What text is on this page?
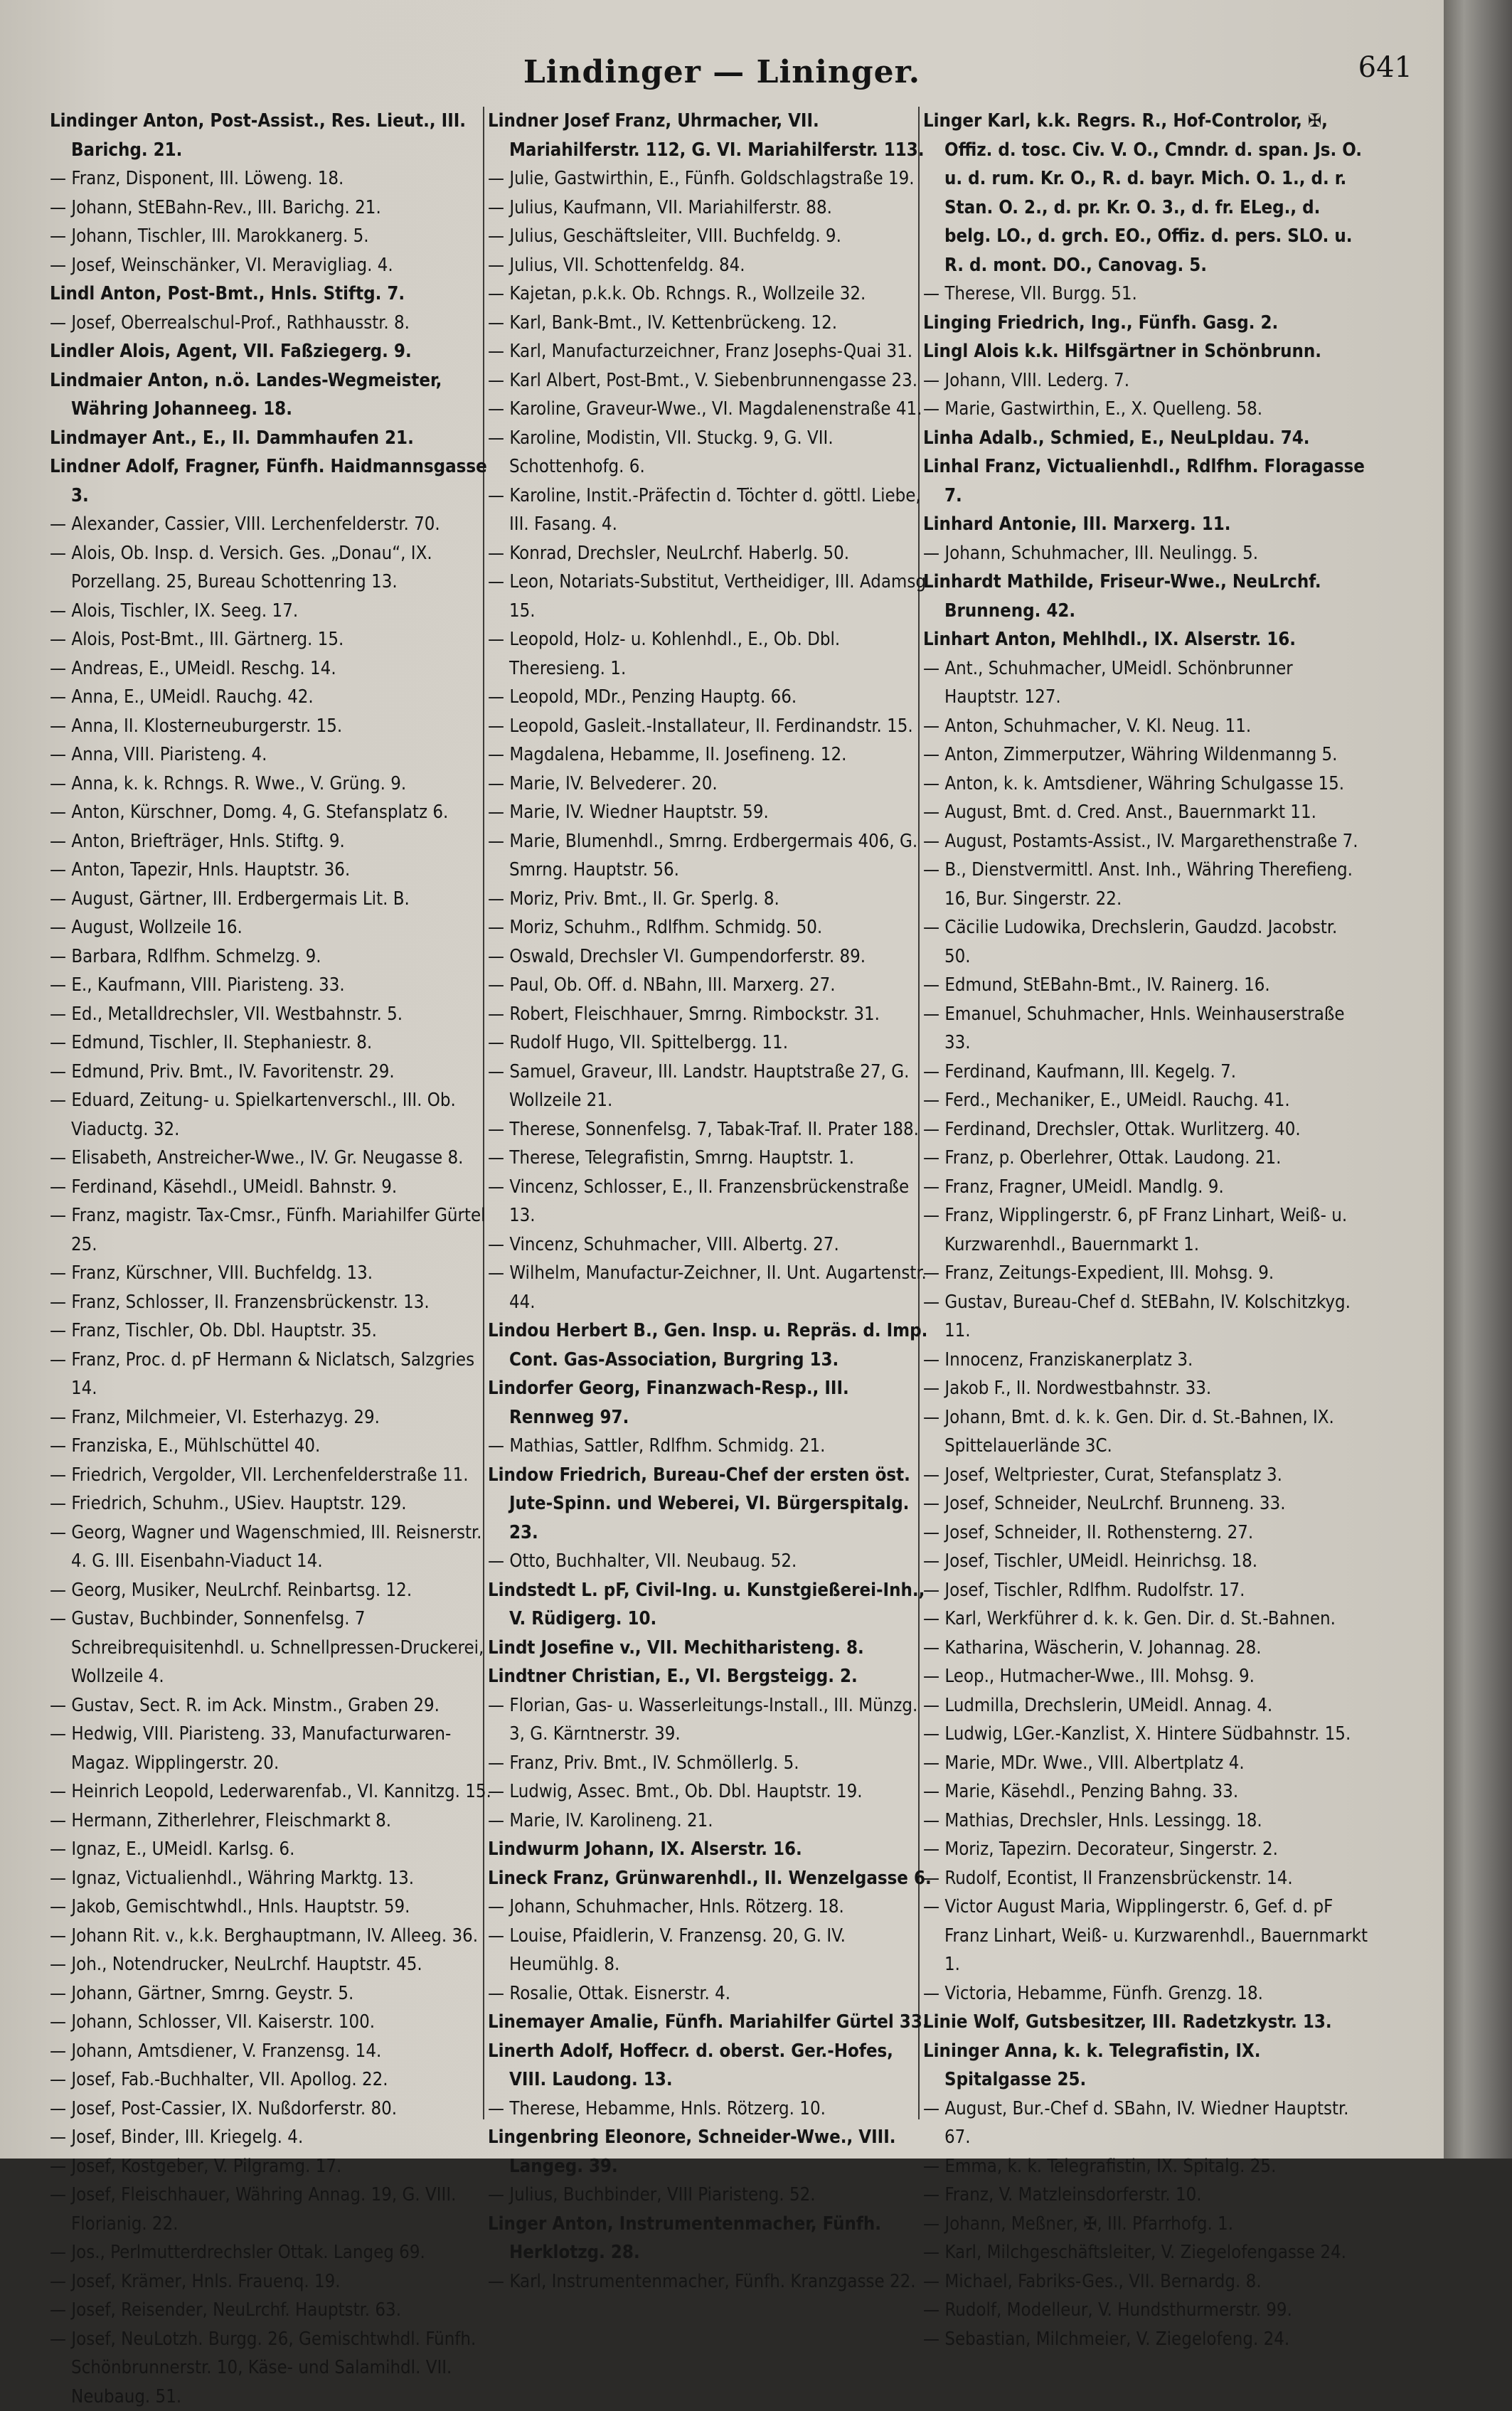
Lindinger — Lininger.	641
Lindinger Anton, Post-Assist., Res. Lieut., III. Barichg. 21.
— Franz, Disponent, III. Löweng. 18.
— Johann, StEBahn-Rev., III. Barichg. 21.
— Johann, Tischler, III. Marokkanerg. 5.
— Josef, Weinschänker, VI. Meravigliag. 4.
Lindl Anton, Post-Bmt., Hnls. Stiftg. 7.
— Josef, Oberrealschul-Prof., Rathhausstr. 8.
Lindler Alois, Agent, VII. Faßziegerg. 9.
Lindmaier Anton, n.ö. Landes-Wegmeister, Währing Johanneeg. 18.
Lindmayer Ant., E., II. Dammhaufen 21.
Lindner Adolf, Fragner, Fünfh. Haidmannsgasse 3.
— Alexander, Cassier, VIII. Lerchenfelderstr. 70.
— Alois, Ob. Insp. d. Versich. Ges. „Donau“, IX. Porzellang. 25, Bureau Schottenring 13.
— Alois, Tischler, IX. Seeg. 17.
— Alois, Post-Bmt., III. Gärtnerg. 15.
— Andreas, E., UMeidl. Reschg. 14.
— Anna, E., UMeidl. Rauchg. 42.
— Anna, II. Klosterneuburgerstr. 15.
— Anna, VIII. Piaristeng. 4.
— Anna, k. k. Rchngs. R. Wwe., V. Grüng. 9.
— Anton, Kürschner, Domg. 4, G. Stefansplatz 6.
— Anton, Briefträger, Hnls. Stiftg. 9.
— Anton, Tapezir, Hnls. Hauptstr. 36.
— August, Gärtner, III. Erdbergermais Lit. B.
— August, Wollzeile 16.
— Barbara, Rdlfhm. Schmelzg. 9.
— E., Kaufmann, VIII. Piaristeng. 33.
— Ed., Metalldrechsler, VII. Westbahnstr. 5.
— Edmund, Tischler, II. Stephaniestr. 8.
— Edmund, Priv. Bmt., IV. Favoritenstr. 29.
— Eduard, Zeitung- u. Spielkartenverschl., III. Ob. Viaductg. 32.
— Elisabeth, Anstreicher-Wwe., IV. Gr. Neugasse 8.
— Ferdinand, Käsehdl., UMeidl. Bahnstr. 9.
— Franz, magistr. Tax-Cmsr., Fünfh. Mariahilfer Gürtel 25.
— Franz, Kürschner, VIII. Buchfeldg. 13.
— Franz, Schlosser, II. Franzensbrückenstr. 13.
— Franz, Tischler, Ob. Dbl. Hauptstr. 35.
— Franz, Proc. d. pF Hermann & Niclatsch, Salzgries 14.
— Franz, Milchmeier, VI. Esterhazyg. 29.
— Franziska, E., Mühlschüttel 40.
— Friedrich, Vergolder, VII. Lerchenfelderstraße 11.
— Friedrich, Schuhm., USiev. Hauptstr. 129.
— Georg, Wagner und Wagenschmied, III. Reisnerstr. 4. G. III. Eisenbahn-Viaduct 14.
— Georg, Musiker, NeuLrchf. Reinbartsg. 12.
— Gustav, Buchbinder, Sonnenfelsg. 7 Schreibrequisitenhdl. u. Schnellpressen-Druckerei, Wollzeile 4.
— Gustav, Sect. R. im Ack. Minstm., Graben 29.
— Hedwig, VIII. Piaristeng. 33, Manufacturwaren-Magaz. Wipplingerstr. 20.
— Heinrich Leopold, Lederwarenfab., VI. Kannitzg. 15.
— Hermann, Zitherlehrer, Fleischmarkt 8.
— Ignaz, E., UMeidl. Karlsg. 6.
— Ignaz, Victualienhdl., Währing Marktg. 13.
— Jakob, Gemischtwhdl., Hnls. Hauptstr. 59.
— Johann Rit. v., k.k. Berghauptmann, IV. Alleeg. 36.
— Joh., Notendrucker, NeuLrchf. Hauptstr. 45.
— Johann, Gärtner, Smrng. Geystr. 5.
— Johann, Schlosser, VII. Kaiserstr. 100.
— Johann, Amtsdiener, V. Franzensg. 14.
— Josef, Fab.-Buchhalter, VII. Apollog. 22.
— Josef, Post-Cassier, IX. Nußdorferstr. 80.
— Josef, Binder, III. Kriegelg. 4.
— Josef, Kostgeber, V. Pilgramg. 17.
— Josef, Fleischhauer, Währing Annag. 19, G. VIII. Florianig. 22.
— Jos., Perlmutterdrechsler Ottak. Langeg 69.
— Josef, Krämer, Hnls. Frauenq. 19.
— Josef, Reisender, NeuLrchf. Hauptstr. 63.
— Josef, NeuLotzh. Burgg. 26, Gemischtwhdl. Fünfh. Schönbrunnerstr. 10, Käse- und Salamihdl. VII. Neubaug. 51.
Lindner Josef Franz, Uhrmacher, VII. Mariahilferstr. 112, G. VI. Mariahilferstr. 113.
— Julie, Gastwirthin, E., Fünfh. Goldschlagstraße 19.
— Julius, Kaufmann, VII. Mariahilferstr. 88.
— Julius, Geschäftsleiter, VIII. Buchfeldg. 9.
— Julius, VII. Schottenfeldg. 84.
— Kajetan, p.k.k. Ob. Rchngs. R., Wollzeile 32.
— Karl, Bank-Bmt., IV. Kettenbrückeng. 12.
— Karl, Manufacturzeichner, Franz Josephs-Quai 31.
— Karl Albert, Post-Bmt., V. Siebenbrunnengasse 23.
— Karoline, Graveur-Wwe., VI. Magdalenenstraße 41.
— Karoline, Modistin, VII. Stuckg. 9, G. VII. Schottenhofg. 6.
— Karoline, Instit.-Präfectin d. Töchter d. göttl. Liebe, III. Fasang. 4.
— Konrad, Drechsler, NeuLrchf. Haberlg. 50.
— Leon, Notariats-Substitut, Vertheidiger, III. Adamsg. 15.
— Leopold, Holz- u. Kohlenhdl., E., Ob. Dbl. Theresieng. 1.
— Leopold, MDr., Penzing Hauptg. 66.
— Leopold, Gasleit.-Installateur, II. Ferdinandstr. 15.
— Magdalena, Hebamme, II. Josefineng. 12.
— Marie, IV. Belvederег. 20.
— Marie, IV. Wiedner Hauptstr. 59.
— Marie, Blumenhdl., Smrng. Erdbergermais 406, G. Smrng. Hauptstr. 56.
— Moriz, Priv. Bmt., II. Gr. Sperlg. 8.
— Moriz, Schuhm., Rdlfhm. Schmidg. 50.
— Oswald, Drechsler VI. Gumpendorferstr. 89.
— Paul, Ob. Off. d. NBahn, III. Marxerg. 27.
— Robert, Fleischhauer, Smrng. Rimbockstr. 31.
— Rudolf Hugo, VII. Spittelbergg. 11.
— Samuel, Graveur, III. Landstr. Hauptstraße 27, G. Wollzeile 21.
— Therese, Sonnenfelsg. 7, Tabak-Traf. II. Prater 188.
— Therese, Telegrafistin, Smrng. Hauptstr. 1.
— Vincenz, Schlosser, E., II. Franzensbrückenstraße 13.
— Vincenz, Schuhmacher, VIII. Albertg. 27.
— Wilhelm, Manufactur-Zeichner, II. Unt. Augartenstr. 44.
Lindou Herbert B., Gen. Insp. u. Repräs. d. Imp. Cont. Gas-Association, Burgring 13.
Lindorfer Georg, Finanzwach-Resp., III. Rennweg 97.
— Mathias, Sattler, Rdlfhm. Schmidg. 21.
Lindow Friedrich, Bureau-Chef der ersten öst. Jute-Spinn. und Weberei, VI. Bürgerspitalg. 23.
— Otto, Buchhalter, VII. Neubaug. 52.
Lindstedt L. pF, Civil-Ing. u. Kunstgießerei-Inh., V. Rüdigerg. 10.
Lindt Josefine v., VII. Mechitharisteng. 8.
Lindtner Christian, E., VI. Bergsteigg. 2.
— Florian, Gas- u. Wasserleitungs-Install., III. Münzg. 3, G. Kärntnerstr. 39.
— Franz, Priv. Bmt., IV. Schmöllerlg. 5.
— Ludwig, Assec. Bmt., Ob. Dbl. Hauptstr. 19.
— Marie, IV. Karolineng. 21.
Lindwurm Johann, IX. Alserstr. 16.
Lineck Franz, Grünwarenhdl., II. Wenzelgasse 6.
— Johann, Schuhmacher, Hnls. Rötzerg. 18.
— Louise, Pfaidlerin, V. Franzensg. 20, G. IV. Heumühlg. 8.
— Rosalie, Ottak. Eisnerstr. 4.
Linemayer Amalie, Fünfh. Mariahilfer Gürtel 33.
Linerth Adolf, Hoffecr. d. oberst. Ger.-Hofes, VIII. Laudong. 13.
— Therese, Hebamme, Hnls. Rötzerg. 10.
Lingenbring Eleonore, Schneider-Wwe., VIII. Langeg. 39.
— Julius, Buchbinder, VIII Piaristeng. 52.
Linger Anton, Instrumentenmacher, Fünfh. Herklotzg. 28.
— Karl, Instrumentenmacher, Fünfh. Kranzgasse 22.
Linger Karl, k.k. Regrs. R., Hof-Controlor, ✠, Offiz. d. tosc. Civ. V. O., Cmndr. d. span. Js. O. u. d. rum. Kr. O., R. d. bayr. Mich. O. 1., d. r. Stan. O. 2., d. pr. Kr. O. 3., d. fr. ELeg., d. belg. LO., d. grch. EO., Offiz. d. pers. SLO. u. R. d. mont. DO., Canovag. 5.
— Therese, VII. Burgg. 51.
Linging Friedrich, Ing., Fünfh. Gasg. 2.
Lingl Alois k.k. Hilfsgärtner in Schönbrunn.
— Johann, VIII. Lederg. 7.
— Marie, Gastwirthin, E., X. Quelleng. 58.
Linha Adalb., Schmied, E., NeuLpldau. 74.
Linhal Franz, Victualienhdl., Rdlfhm. Floragasse 7.
Linhard Antonie, III. Marxerg. 11.
— Johann, Schuhmacher, III. Neulingg. 5.
Linhardt Mathilde, Friseur-Wwe., NeuLrchf. Brunneng. 42.
Linhart Anton, Mehlhdl., IX. Alserstr. 16.
— Ant., Schuhmacher, UMeidl. Schönbrunner Hauptstr. 127.
— Anton, Schuhmacher, V. Kl. Neug. 11.
— Anton, Zimmerputzer, Währing Wildenmanng 5.
— Anton, k. k. Amtsdiener, Währing Schulgasse 15.
— August, Bmt. d. Cred. Anst., Bauernmarkt 11.
— August, Postamts-Assist., IV. Margarethenstraße 7.
— B., Dienstvermittl. Anst. Inh., Währing Therefieng. 16, Bur. Singerstr. 22.
— Cäcilie Ludowika, Drechslerin, Gaudzd. Jacobstr. 50.
— Edmund, StEBahn-Bmt., IV. Rainerg. 16.
— Emanuel, Schuhmacher, Hnls. Weinhauserstraße 33.
— Ferdinand, Kaufmann, III. Kegelg. 7.
— Ferd., Mechaniker, E., UMeidl. Rauchg. 41.
— Ferdinand, Drechsler, Ottak. Wurlitzerg. 40.
— Franz, p. Oberlehrer, Ottak. Laudong. 21.
— Franz, Fragner, UMeidl. Mandlg. 9.
— Franz, Wipplingerstr. 6, pF Franz Linhart, Weiß- u. Kurzwarenhdl., Bauernmarkt 1.
— Franz, Zeitungs-Expedient, III. Mohsg. 9.
— Gustav, Bureau-Chef d. StEBahn, IV. Kolschitzkyg. 11.
— Innocenz, Franziskanerplatz 3.
— Jakob F., II. Nordwestbahnstr. 33.
— Johann, Bmt. d. k. k. Gen. Dir. d. St.-Bahnen, IX. Spittelauerlände 3C.
— Josef, Weltpriester, Curat, Stefansplatz 3.
— Josef, Schneider, NeuLrchf. Brunneng. 33.
— Josef, Schneider, II. Rothensterng. 27.
— Josef, Tischler, UMeidl. Heinrichsg. 18.
— Josef, Tischler, Rdlfhm. Rudolfstr. 17.
— Karl, Werkführer d. k. k. Gen. Dir. d. St.-Bahnen.
— Katharina, Wäscherin, V. Johannag. 28.
— Leop., Hutmacher-Wwe., III. Mohsg. 9.
— Ludmilla, Drechslerin, UMeidl. Annag. 4.
— Ludwig, LGer.-Kanzlist, X. Hintere Südbahnstr. 15.
— Marie, MDr. Wwe., VIII. Albertplatz 4.
— Marie, Käsehdl., Penzing Bahng. 33.
— Mathias, Drechsler, Hnls. Lessingg. 18.
— Moriz, Tapezirn. Decorateur, Singerstr. 2.
— Rudolf, Econtist, II Franzensbrückenstr. 14.
— Victor August Maria, Wipplingerstr. 6, Gef. d. pF Franz Linhart, Weiß- u. Kurzwarenhdl., Bauernmarkt 1.
— Victoria, Hebamme, Fünfh. Grenzg. 18.
Linie Wolf, Gutsbesitzer, III. Radetzkystr. 13.
Lininger Anna, k. k. Telegrafistin, IX. Spitalgasse 25.
— August, Bur.-Chef d. SBahn, IV. Wiedner Hauptstr. 67.
— Emma, k. k. Telegrafistin, IX. Spitalg. 25.
— Franz, V. Matzleinsdorferstr. 10.
— Johann, Meßner, ✠, III. Pfarrhofg. 1.
— Karl, Milchgeschäftsleiter, V. Ziegelofengasse 24.
— Michael, Fabriks-Ges., VII. Bernardg. 8.
— Rudolf, Modelleur, V. Hundsthurmerstr. 99.
— Sebastian, Milchmeier, V. Ziegelofeng. 24.
